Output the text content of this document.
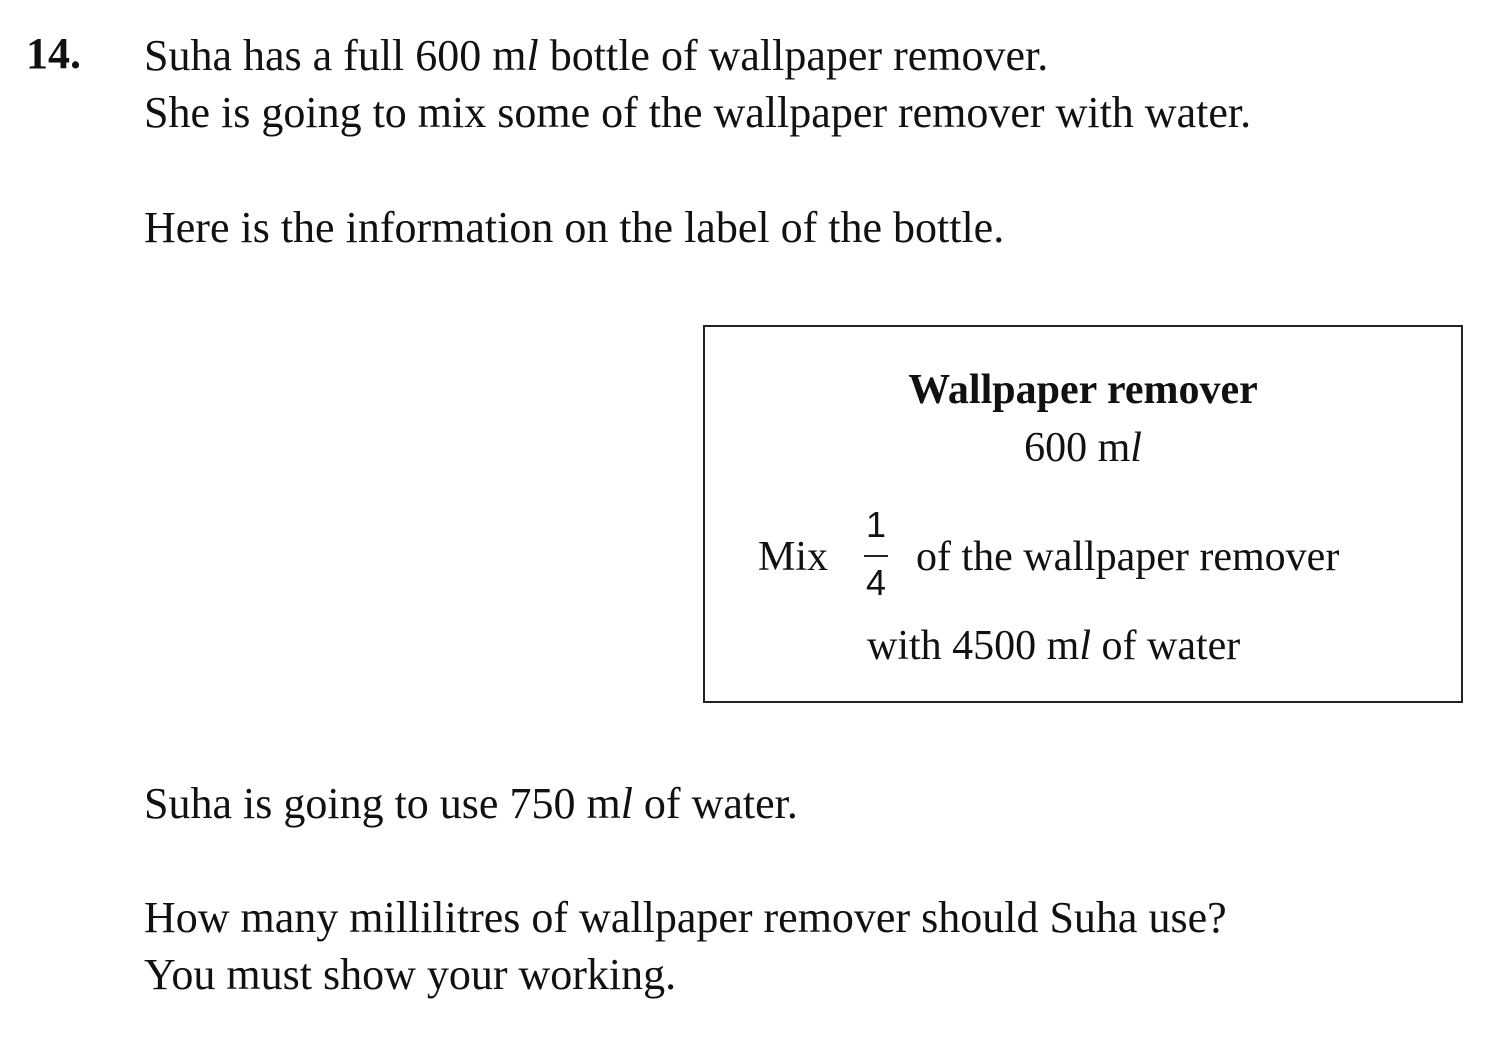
14. Suha has a full 600 ml bottle of wallpaper remover.
She is going to mix some of the wallpaper remover with water.
Here is the information on the label of the bottle.
Wallpaper remover
600 ml
Mix
1
4
of the wallpaper remover
with 4500 ml of water
Suha is going to use 750 ml of water.
How many millilitres of wallpaper remover should Suha use?
You must show your working.
